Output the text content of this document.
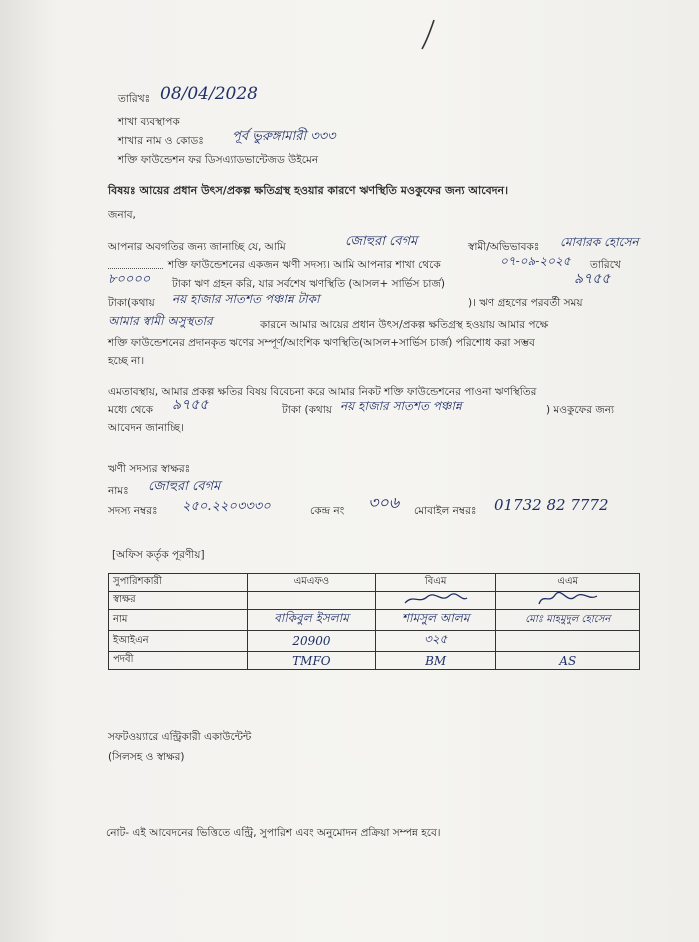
তারিখঃ 08/04/2028
শাখা ব্যবস্থাপক
শাখার নাম ও কোডঃ পূর্ব ভুরুঙ্গামারী ৩৩৩
শক্তি ফাউন্ডেশন ফর ডিসএ্যাডভান্টেজড উইমেন
বিষয়ঃ আয়ের প্রধান উৎস/প্রকল্প ক্ষতিগ্রস্থ হওয়ার কারণে ঋণস্থিতি মওকুফের জন্য আবেদন।
জনাব,
আপনার অবগতির জন্য জানাচ্ছি যে, আমি	জোহুরা বেগম	স্বামী/অভিভাবকঃ মোবারক হোসেন
শক্তি ফাউন্ডেশনের একজন ঋণী সদস্য। আমি আপনার শাখা থেকে	০৭-০৯-২০২৫ তারিখে
৮০০০০ টাকা ঋণ গ্রহন করি, যার সর্বশেষ ঋণস্থিতি (আসল+ সার্ভিস চার্জ)	৯৭৫৫
টাকা(কথায় নয় হাজার সাতশত পঞ্চান্ন টাকা	)। ঋণ গ্রহণের পরবর্তী সময়
আমার স্বামী অসুস্থতার	কারনে আমার আয়ের প্রধান উৎস/প্রকল্প ক্ষতিগ্রস্থ হওয়ায় আমার পক্ষে
শক্তি ফাউন্ডেশনের প্রদানকৃত ঋণের সম্পূর্ণ/আংশিক ঋণস্থিতি(আসল+সার্ভিস চার্জ) পরিশোধ করা সম্ভব
হচ্ছে না।
এমতাবস্থায়, আমার প্রকল্প ক্ষতির বিষয় বিবেচনা করে আমার নিকট শক্তি ফাউন্ডেশনের পাওনা ঋণস্থিতির
মধ্যে থেকে ৯৭৫৫	টাকা (কথায় নয় হাজার সাতশত পঞ্চান্ন	) মওকুফের জন্য
আবেদন জানাচ্ছি।
ঋণী সদস্যর স্বাক্ষরঃ
নামঃ জোহুরা বেগম
সদস্য নম্বরঃ ২৫০.২২০৩৩৩০	কেন্দ্র নং ৩০৬ মোবাইল নম্বরঃ 01732 82 7772
[অফিস কর্তৃক পূরণীয়]
সুপারিশকারী	এমএফও	বিএম	এএম
স্বাক্ষর			
নাম	বাকিবুল ইসলাম	শামসুল আলম	মোঃ মাহমুদুল হোসেন
ইআইএন	20900	৩২৫	
পদবী	TMFO	BM	AS
সফটওয়্যারে এন্ট্রিকারী একাউন্টেন্ট
(সিলসহ ও স্বাক্ষর)
নোট- এই আবেদনের ভিত্তিতে এন্ট্রি, সুপারিশ এবং অনুমোদন প্রক্রিয়া সম্পন্ন হবে।
